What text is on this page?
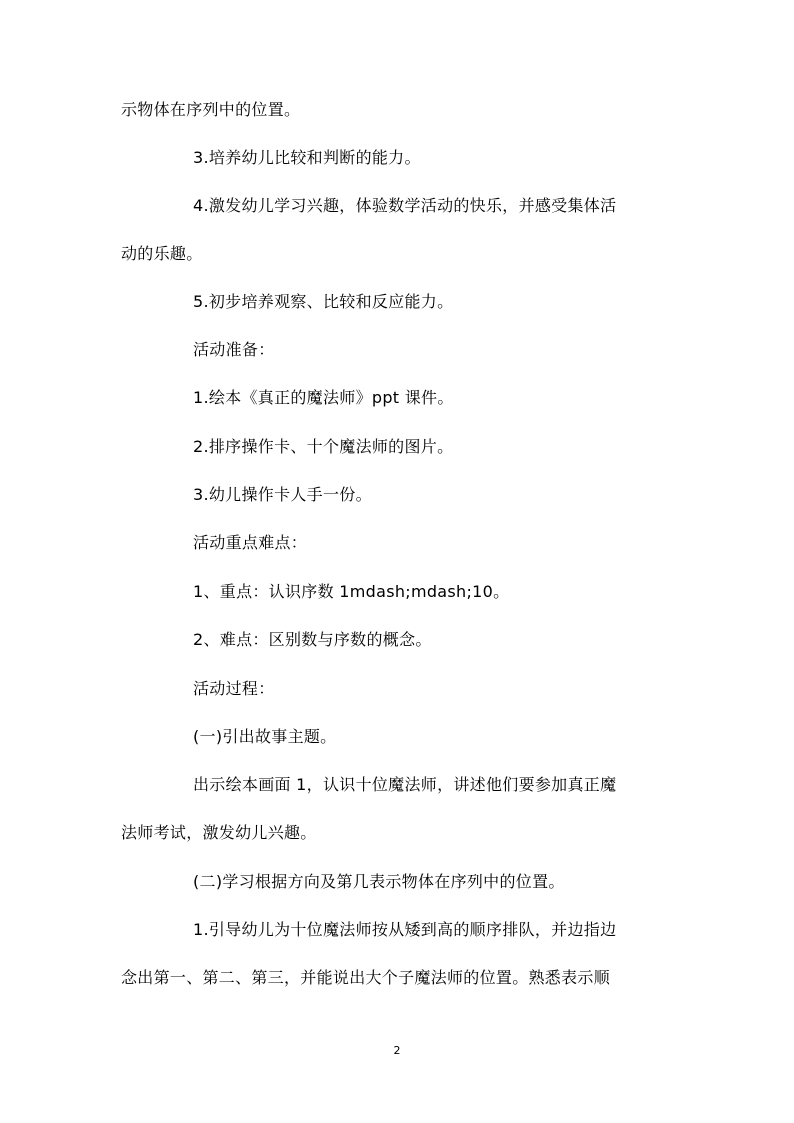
示物体在序列中的位置。
3.培养幼儿比较和判断的能力。
4.激发幼儿学习兴趣，体验数学活动的快乐，并感受集体活
动的乐趣。
5.初步培养观察、比较和反应能力。
活动准备：
1.绘本《真正的魔法师》ppt 课件。
2.排序操作卡、十个魔法师的图片。
3.幼儿操作卡人手一份。
活动重点难点：
1、重点：认识序数 1mdash;mdash;10。
2、难点：区别数与序数的概念。
活动过程：
(一)引出故事主题。
出示绘本画面 1，认识十位魔法师，讲述他们要参加真正魔
法师考试，激发幼儿兴趣。
(二)学习根据方向及第几表示物体在序列中的位置。
1.引导幼儿为十位魔法师按从矮到高的顺序排队，并边指边
念出第一、第二、第三，并能说出大个子魔法师的位置。熟悉表示顺
2
